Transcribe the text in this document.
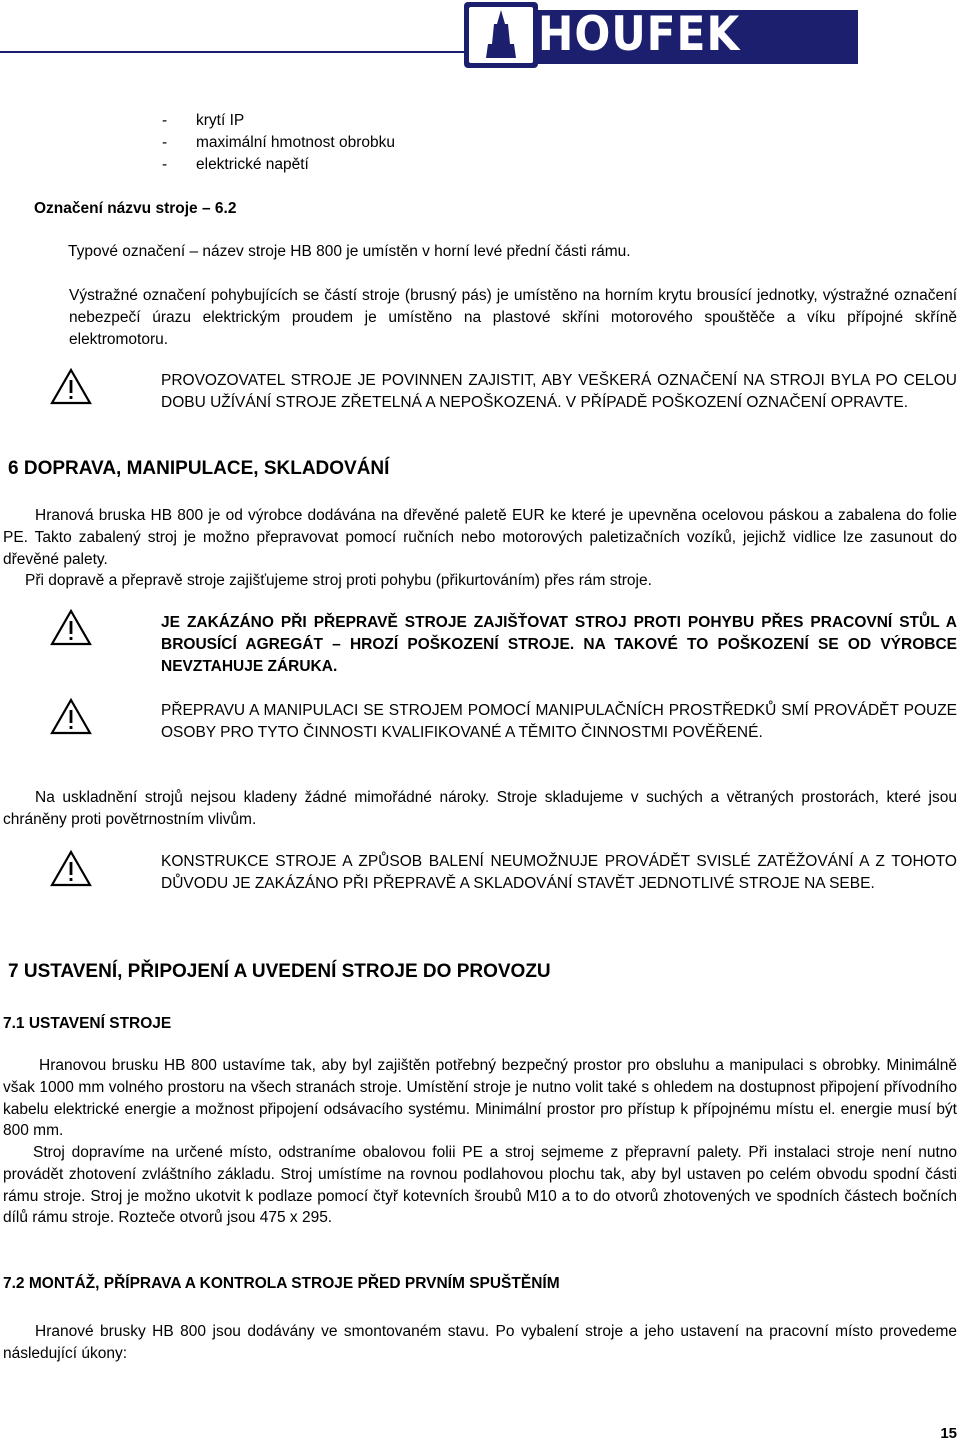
HOUFEK
- krytí IP
- maximální hmotnost obrobku
- elektrické napětí
Označení názvu stroje – 6.2
Typové označení – název stroje HB 800 je umístěn v horní levé přední části rámu.
Výstražné označení pohybujících se částí stroje (brusný pás) je umístěno na horním krytu brousící jednotky, výstražné označení nebezpečí úrazu elektrickým proudem je umístěno na plastové skříni motorového spouštěče a víku přípojné skříně elektromotoru.
PROVOZOVATEL STROJE JE POVINNEN ZAJISTIT, ABY VEŠKERÁ OZNAČENÍ NA STROJI BYLA PO CELOU DOBU UŽÍVÁNÍ STROJE ZŘETELNÁ A NEPOŠKOZENÁ. V PŘÍPADĚ POŠKOZENÍ OZNAČENÍ OPRAVTE.
6 DOPRAVA, MANIPULACE, SKLADOVÁNÍ
Hranová bruska HB 800 je od výrobce dodávána na dřevěné paletě EUR ke které je upevněna ocelovou páskou a zabalena do folie PE. Takto zabalený stroj je možno přepravovat pomocí ručních nebo motorových paletizačních vozíků, jejichž vidlice lze zasunout do dřevěné palety.
Při dopravě a přepravě stroje zajišťujeme stroj proti pohybu (přikurtováním) přes rám stroje.
JE ZAKÁZÁNO PŘI PŘEPRAVĚ STROJE ZAJIŠŤOVAT STROJ PROTI POHYBU PŘES PRACOVNÍ STŮL A BROUSÍCÍ AGREGÁT – HROZÍ POŠKOZENÍ STROJE. NA TAKOVÉ TO POŠKOZENÍ SE OD VÝROBCE NEVZTAHUJE ZÁRUKA.
PŘEPRAVU A MANIPULACI SE STROJEM POMOCÍ MANIPULAČNÍCH PROSTŘEDKŮ SMÍ PROVÁDĚT POUZE OSOBY PRO TYTO ČINNOSTI KVALIFIKOVANÉ A TĚMITO ČINNOSTMI POVĚŘENÉ.
Na uskladnění strojů nejsou kladeny žádné mimořádné nároky. Stroje skladujeme v suchých a větraných prostorách, které jsou chráněny proti povětrnostním vlivům.
KONSTRUKCE STROJE A ZPŮSOB BALENÍ NEUMOŽNUJE PROVÁDĚT SVISLÉ ZATĚŽOVÁNÍ A Z TOHOTO DŮVODU JE ZAKÁZÁNO PŘI PŘEPRAVĚ A SKLADOVÁNÍ STAVĚT JEDNOTLIVÉ STROJE NA SEBE.
7 USTAVENÍ, PŘIPOJENÍ A UVEDENÍ STROJE DO PROVOZU
7.1 USTAVENÍ STROJE
Hranovou brusku HB 800 ustavíme tak, aby byl zajištěn potřebný bezpečný prostor pro obsluhu a manipulaci s obrobky. Minimálně však 1000 mm volného prostoru na všech stranách stroje. Umístění stroje je nutno volit také s ohledem na dostupnost připojení přívodního kabelu elektrické energie a možnost připojení odsávacího systému. Minimální prostor pro přístup k přípojnému místu el. energie musí být 800 mm.
Stroj dopravíme na určené místo, odstraníme obalovou folii PE a stroj sejmeme z přepravní palety. Při instalaci stroje není nutno provádět zhotovení zvláštního základu. Stroj umístíme na rovnou podlahovou plochu tak, aby byl ustaven po celém obvodu spodní části rámu stroje. Stroj je možno ukotvit k podlaze pomocí čtyř kotevních šroubů M10 a to do otvorů zhotovených ve spodních částech bočních dílů rámu stroje. Rozteče otvorů jsou 475 x 295.
7.2 MONTÁŽ, PŘÍPRAVA A KONTROLA STROJE PŘED PRVNÍM SPUŠTĚNÍM
Hranové brusky HB 800 jsou dodávány ve smontovaném stavu. Po vybalení stroje a jeho ustavení na pracovní místo provedeme následující úkony:
15
